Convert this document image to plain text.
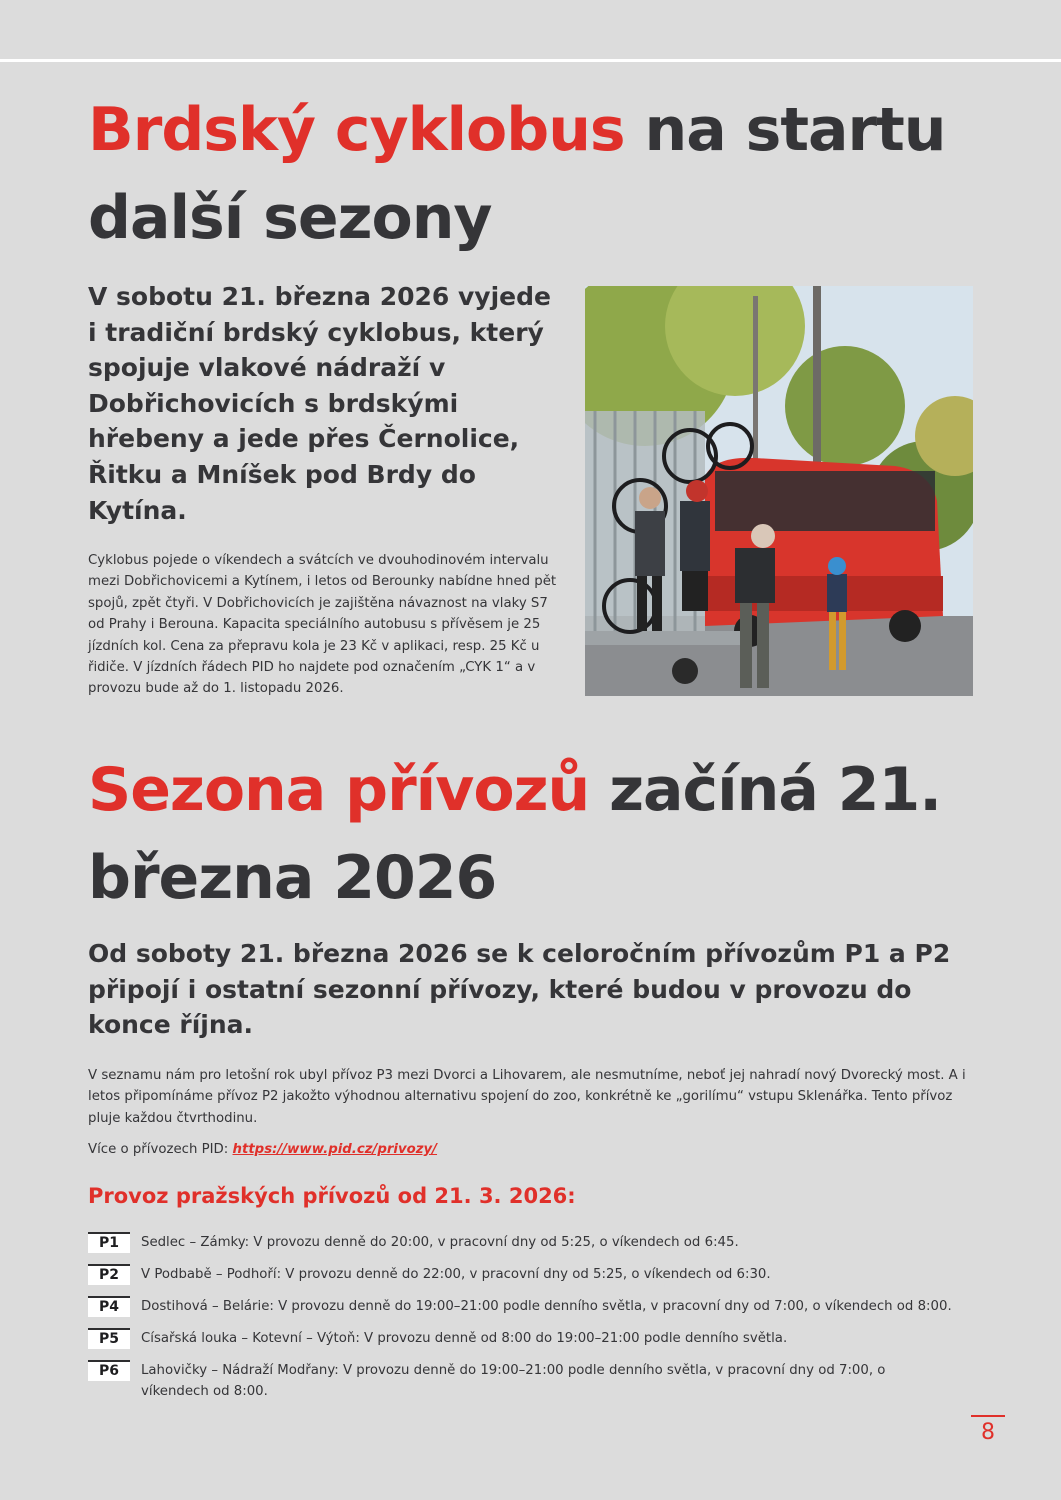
Brdský cyklobus na startu další sezony

V sobotu 21. března 2026 vyjede i tradiční brdský cyklobus, který spojuje vlakové nádraží v Dobřichovicích s brdskými hřebeny a jede přes Černolice, Řitku a Mníšek pod Brdy do Kytína.

Cyklobus pojede o víkendech a svátcích ve dvouhodinovém intervalu mezi Dobřichovicemi a Kytínem, i letos od Berounky nabídne hned pět spojů, zpět čtyři. V Dobřichovicích je zajištěna návaznost na vlaky S7 od Prahy i Berouna. Kapacita speciálního autobusu s přívěsem je 25 jízdních kol. Cena za přepravu kola je 23 Kč v aplikaci, resp. 25 Kč u řidiče. V jízdních řádech PID ho najdete pod označením „CYK 1“ a v provozu bude až do 1. listopadu 2026.

Sezona přívozů začíná 21. března 2026

Od soboty 21. března 2026 se k celoročním přívozům P1 a P2 připojí i ostatní sezonní přívozy, které budou v provozu do konce října.

V seznamu nám pro letošní rok ubyl přívoz P3 mezi Dvorci a Lihovarem, ale nesmutníme, neboť jej nahradí nový Dvorecký most. A i letos připomínáme přívoz P2 jakožto výhodnou alternativu spojení do zoo, konkrétně ke „gorilímu“ vstupu Sklenářka. Tento přívoz pluje každou čtvrthodinu.

Více o přívozech PID: https://www.pid.cz/privozy/

Provoz pražských přívozů od 21. 3. 2026:
P1	Sedlec – Zámky: V provozu denně do 20:00, v pracovní dny od 5:25, o víkendech od 6:45.
P2	V Podbabě – Podhoří: V provozu denně do 22:00, v pracovní dny od 5:25, o víkendech od 6:30.
P4	Dostihová – Belárie: V provozu denně do 19:00–21:00 podle denního světla, v pracovní dny od 7:00, o víkendech od 8:00.
P5	Císařská louka – Kotevní – Výtoň: V provozu denně od 8:00 do 19:00–21:00 podle denního světla.
P6	Lahovičky – Nádraží Modřany: V provozu denně do 19:00–21:00 podle denního světla, v pracovní dny od 7:00, o víkendech od 8:00.
8
